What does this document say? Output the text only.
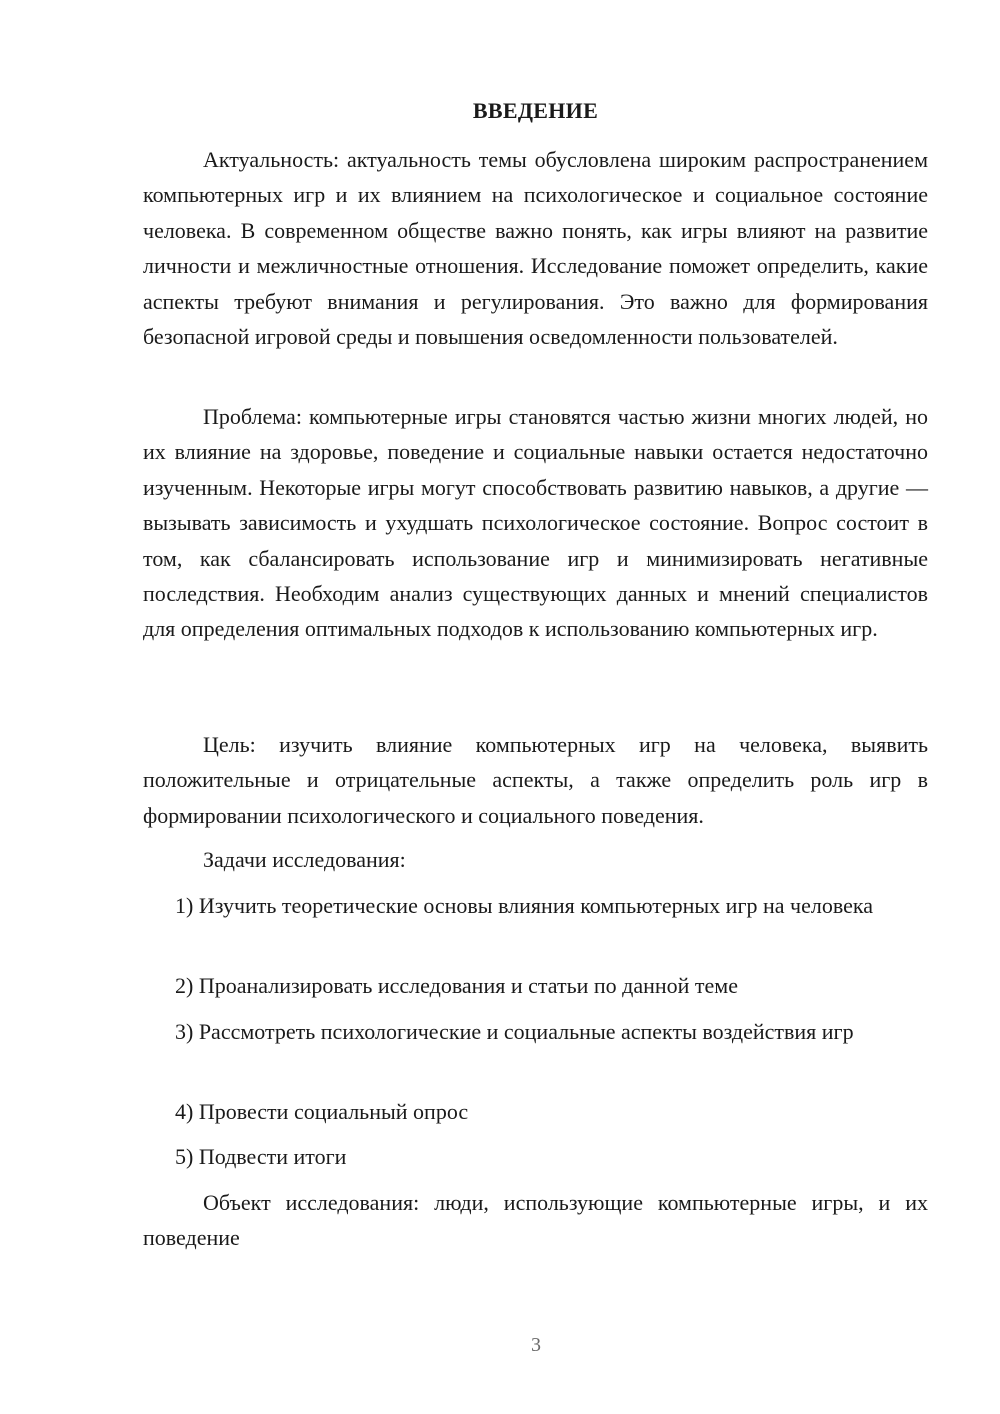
ВВЕДЕНИЕ

Актуальность: актуальность темы обусловлена широким распространением компьютерных игр и их влиянием на психологическое и социальное состояние человека. В современном обществе важно понять, как игры влияют на развитие личности и межличностные отношения. Исследование поможет определить, какие аспекты требуют внимания и регулирования. Это важно для формирования безопасной игровой среды и повышения осведомленности пользователей.

Проблема: компьютерные игры становятся частью жизни многих людей, но их влияние на здоровье, поведение и социальные навыки остается недостаточно изученным. Некоторые игры могут способствовать развитию навыков, а другие — вызывать зависимость и ухудшать психологическое состояние. Вопрос состоит в том, как сбалансировать использование игр и минимизировать негативные последствия. Необходим анализ существующих данных и мнений специалистов для определения оптимальных подходов к использованию компьютерных игр.

Цель: изучить влияние компьютерных игр на человека, выявить положительные и отрицательные аспекты, а также определить роль игр в формировании психологического и социального поведения.

Задачи исследования:

1) Изучить теоретические основы влияния компьютерных игр на человека

2) Проанализировать исследования и статьи по данной теме

3) Рассмотреть психологические и социальные аспекты воздействия игр

4) Провести социальный опрос

5) Подвести итоги

Объект исследования: люди, использующие компьютерные игры, и их поведение

3
